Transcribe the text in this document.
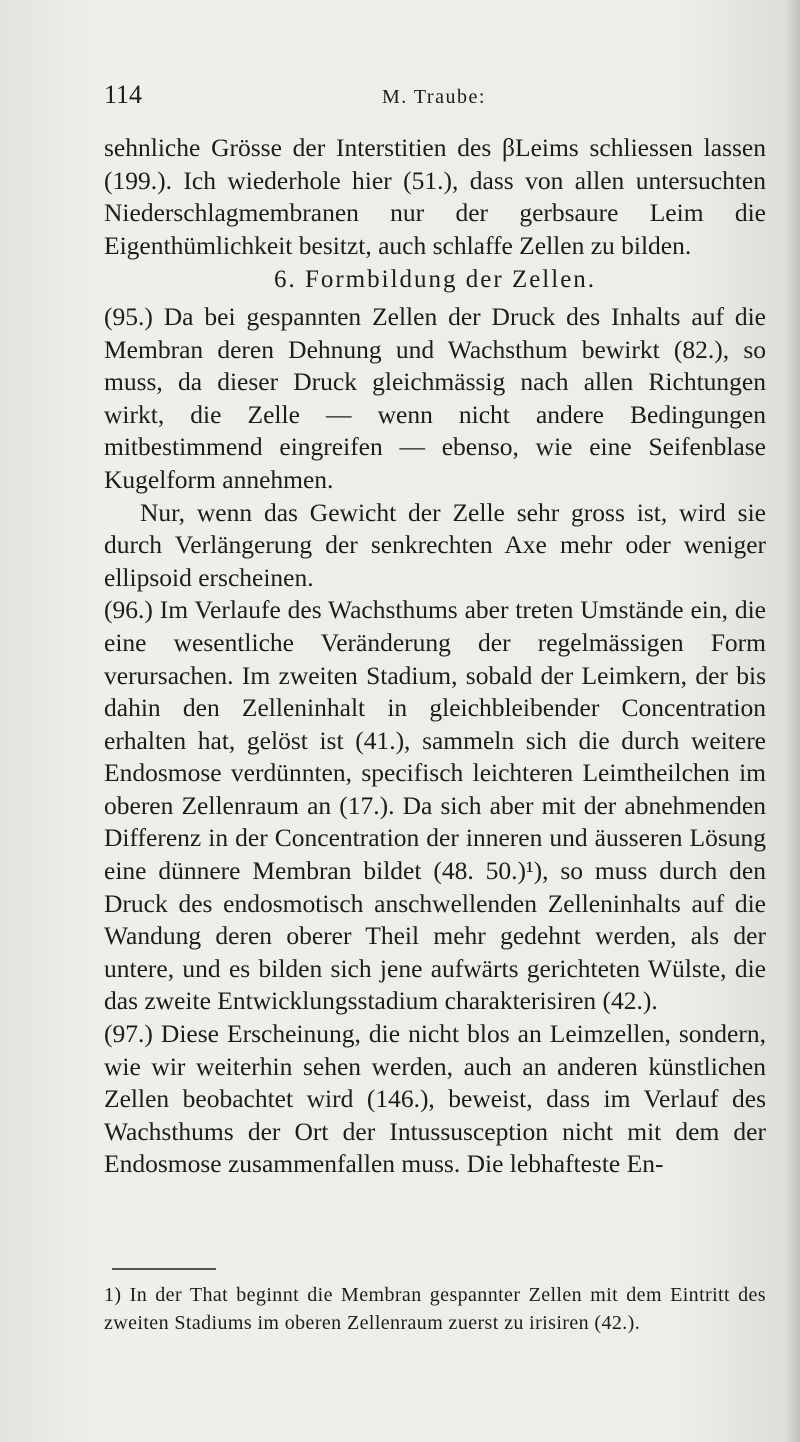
114	M. Traube:

sehnliche Grösse der Interstitien des βLeims schliessen lassen (199.). Ich wiederhole hier (51.), dass von allen untersuchten Niederschlagmembranen nur der gerbsaure Leim die Eigenthümlichkeit besitzt, auch schlaffe Zellen zu bilden.

6. Formbildung der Zellen.

(95.) Da bei gespannten Zellen der Druck des Inhalts auf die Membran deren Dehnung und Wachsthum bewirkt (82.), so muss, da dieser Druck gleichmässig nach allen Richtungen wirkt, die Zelle — wenn nicht andere Bedingungen mitbestimmend eingreifen — ebenso, wie eine Seifenblase Kugelform annehmen.

Nur, wenn das Gewicht der Zelle sehr gross ist, wird sie durch Verlängerung der senkrechten Axe mehr oder weniger ellipsoid erscheinen.

(96.) Im Verlaufe des Wachsthums aber treten Umstände ein, die eine wesentliche Veränderung der regelmässigen Form verursachen. Im zweiten Stadium, sobald der Leimkern, der bis dahin den Zelleninhalt in gleichbleibender Concentration erhalten hat, gelöst ist (41.), sammeln sich die durch weitere Endosmose verdünnten, specifisch leichteren Leimtheilchen im oberen Zellenraum an (17.). Da sich aber mit der abnehmenden Differenz in der Concentration der inneren und äusseren Lösung eine dünnere Membran bildet (48. 50.)¹), so muss durch den Druck des endosmotisch anschwellenden Zelleninhalts auf die Wandung deren oberer Theil mehr gedehnt werden, als der untere, und es bilden sich jene aufwärts gerichteten Wülste, die das zweite Entwicklungsstadium charakterisiren (42.).

(97.) Diese Erscheinung, die nicht blos an Leimzellen, sondern, wie wir weiterhin sehen werden, auch an anderen künstlichen Zellen beobachtet wird (146.), beweist, dass im Verlauf des Wachsthums der Ort der Intussusception nicht mit dem der Endosmose zusammenfallen muss. Die lebhafteste En-

1) In der That beginnt die Membran gespannter Zellen mit dem Eintritt des zweiten Stadiums im oberen Zellenraum zuerst zu irisiren (42.).
